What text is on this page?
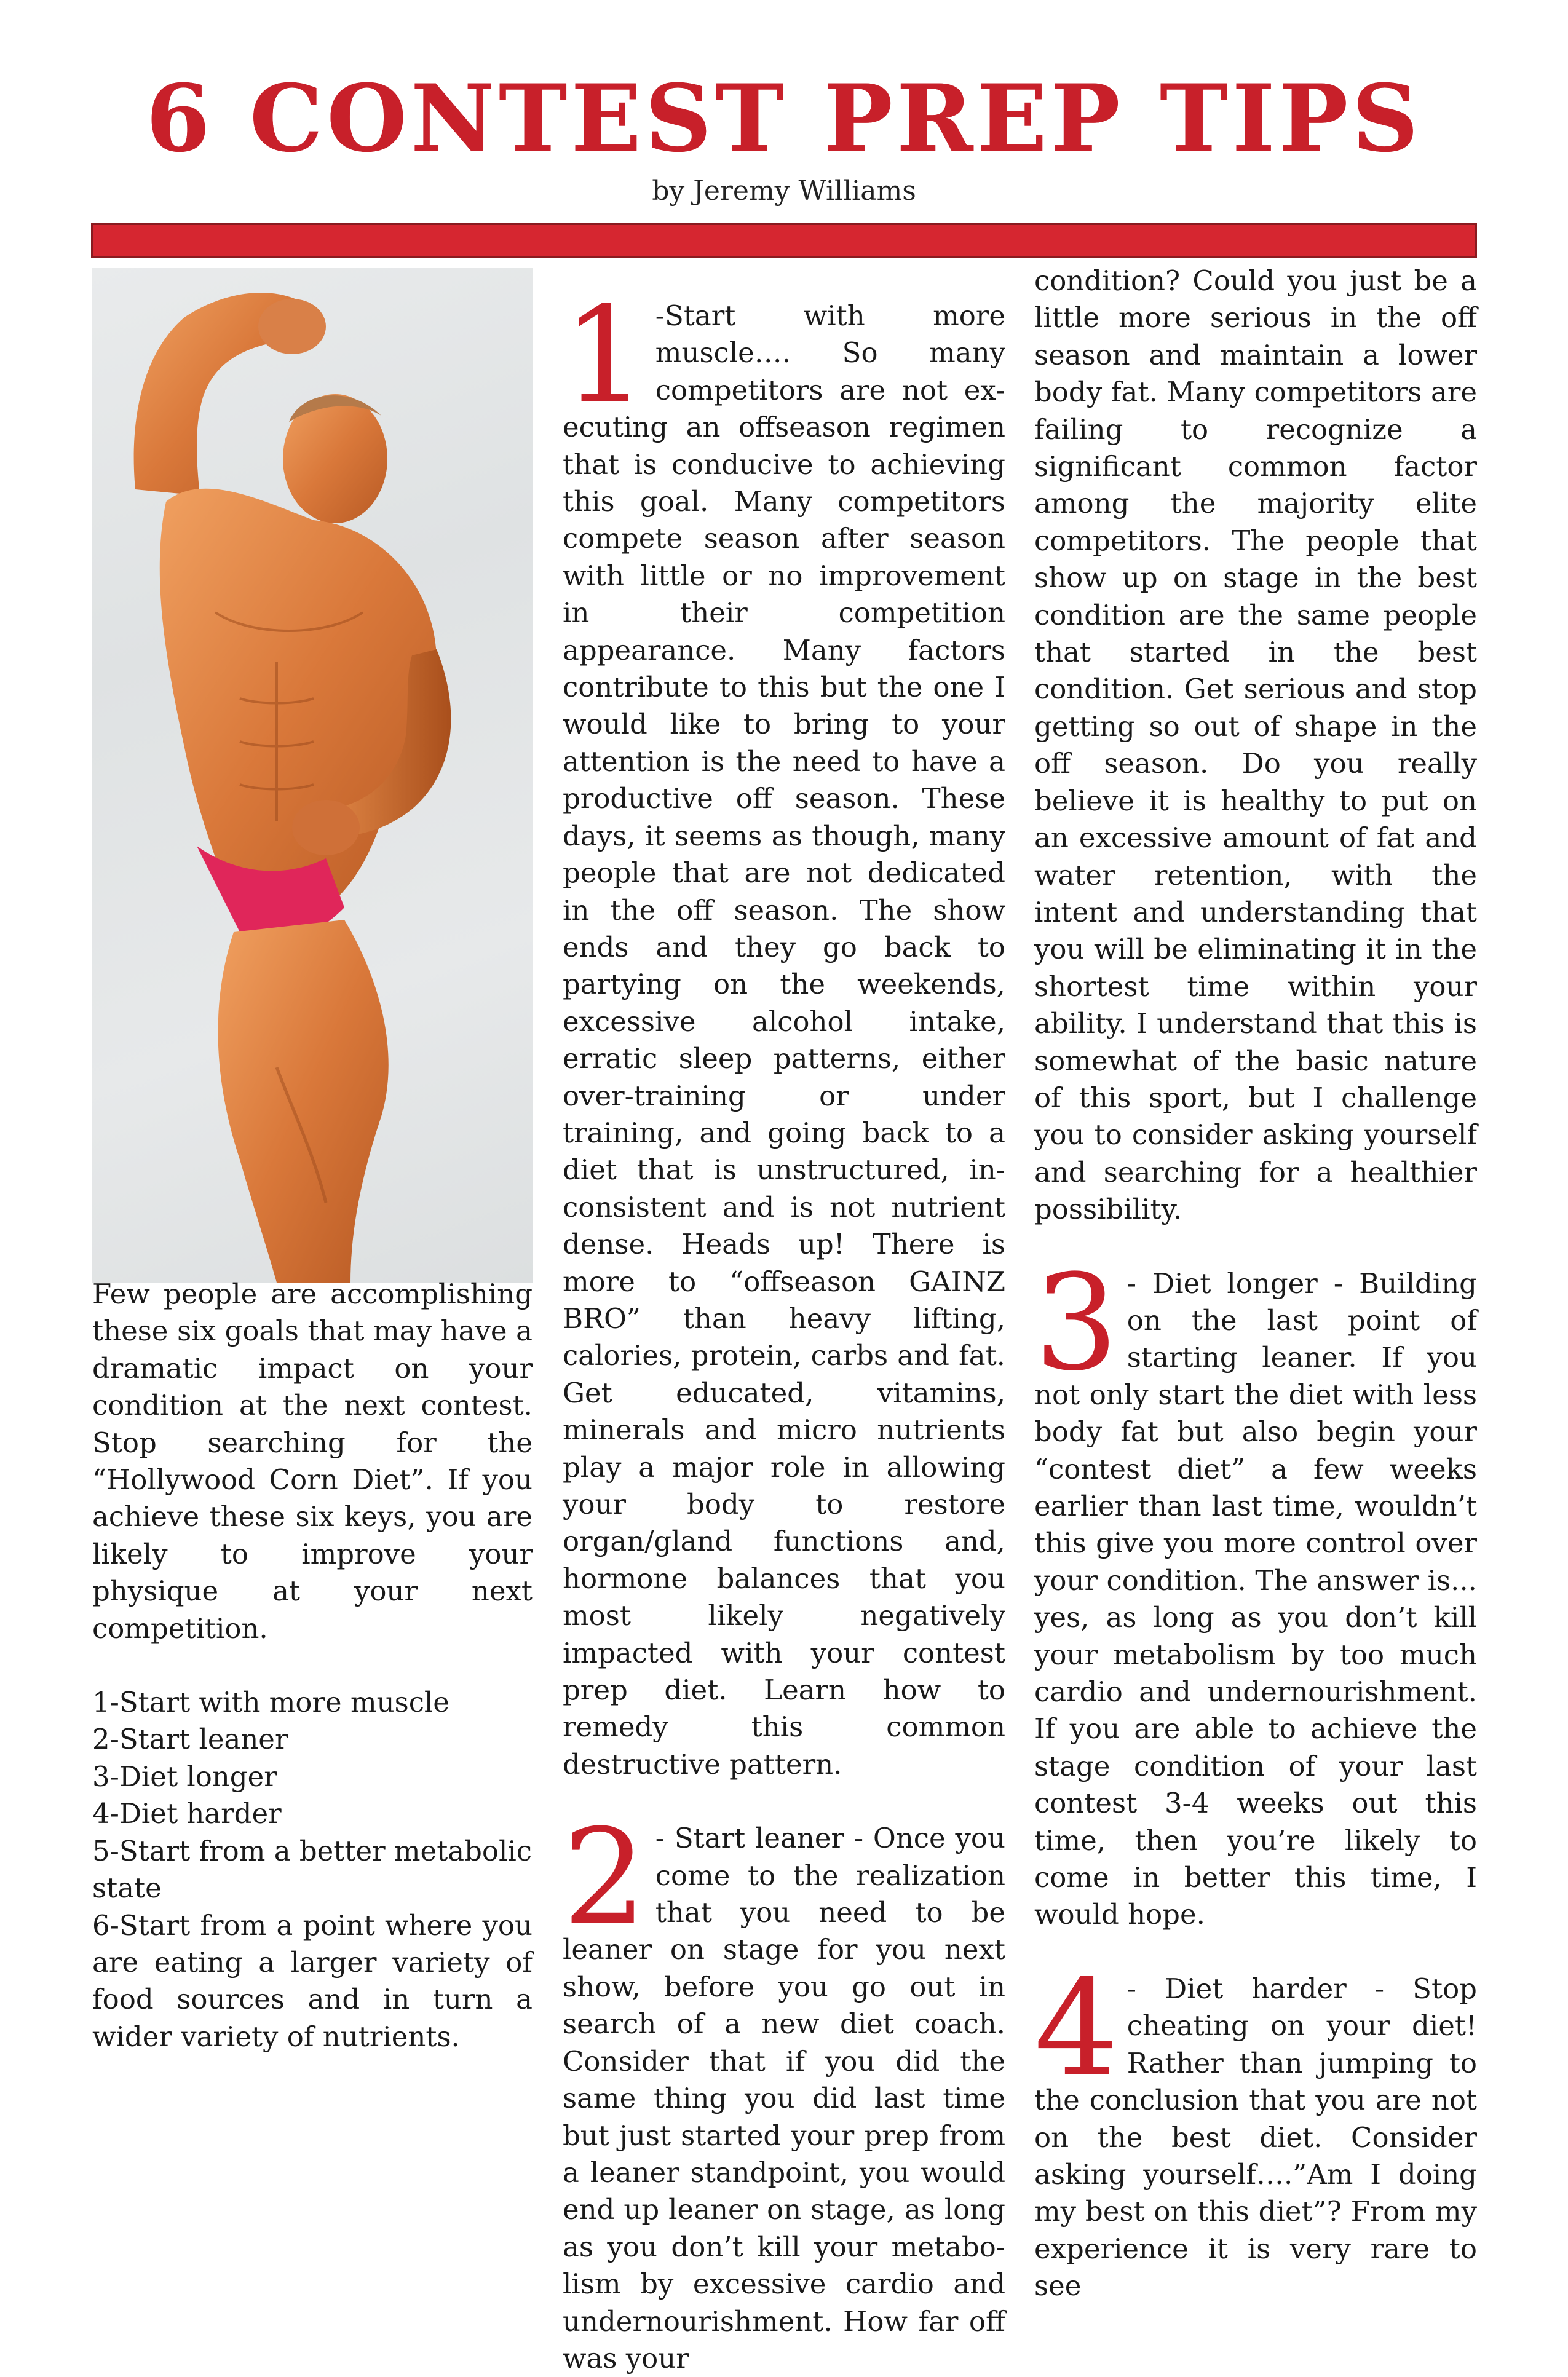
6 CONTEST PREP TIPS
by Jeremy Williams

Few people are accomplishing these six goals that may have a dramatic impact on your condition at the next contest. Stop searching for the “Hollywood Corn Diet”. If you achieve these six keys, you are likely to improve your physique at your next competition.

1-Start with more muscle
2-Start leaner
3-Diet longer
4-Diet harder
5-Start from a better metabolic state
6-Start from a point where you are eating a larger variety of food sources and in turn a wider variety of nutrients.

1 -Start with more muscle…. So many competitors are not executing an offseason regimen that is conducive to achieving this goal. Many competitors compete season after season with little or no improvement in their competition appearance. Many factors contribute to this but the one I would like to bring to your attention is the need to have a productive off season. These days, it seems as though, many people that are not dedicated in the off season. The show ends and they go back to partying on the weekends, excessive alcohol intake, erratic sleep patterns, either over-training or under training, and going back to a diet that is unstructured, inconsistent and is not nutrient dense. Heads up! There is more to “offseason GAINZ BRO” than heavy lifting, calories, protein, carbs and fat. Get educated, vitamins, minerals and micro nutrients play a major role in allowing your body to restore organ/gland functions and, hormone balances that you most likely negatively impacted with your contest prep diet. Learn how to remedy this common destructive pattern.

2 - Start leaner - Once you come to the realization that you need to be leaner on stage for you next show, before you go out in search of a new diet coach. Consider that if you did the same thing you did last time but just started your prep from a leaner standpoint, you would end up leaner on stage, as long as you don’t kill your metabolism by excessive cardio and undernourishment. How far off was your

condition? Could you just be a little more serious in the off season and maintain a lower body fat. Many competitors are failing to recognize a significant common factor among the majority elite competitors. The people that show up on stage in the best condition are the same people that started in the best condition. Get serious and stop getting so out of shape in the off season. Do you really believe it is healthy to put on an excessive amount of fat and water retention, with the intent and understanding that you will be eliminating it in the shortest time within your ability. I understand that this is somewhat of the basic nature of this sport, but I challenge you to consider asking yourself and searching for a healthier possibility.

3 - Diet longer - Building on the last point of starting leaner. If you not only start the diet with less body fat but also begin your “contest diet” a few weeks earlier than last time, wouldn’t this give you more control over your condition. The answer is... yes, as long as you don’t kill your metabolism by too much cardio and undernourishment. If you are able to achieve the stage condition of your last contest 3-4 weeks out this time, then you’re likely to come in better this time, I would hope.

4 - Diet harder - Stop cheating on your diet! Rather than jumping to the conclusion that you are not on the best diet. Consider asking yourself….”Am I doing my best on this diet”? From my experience it is very rare to see
